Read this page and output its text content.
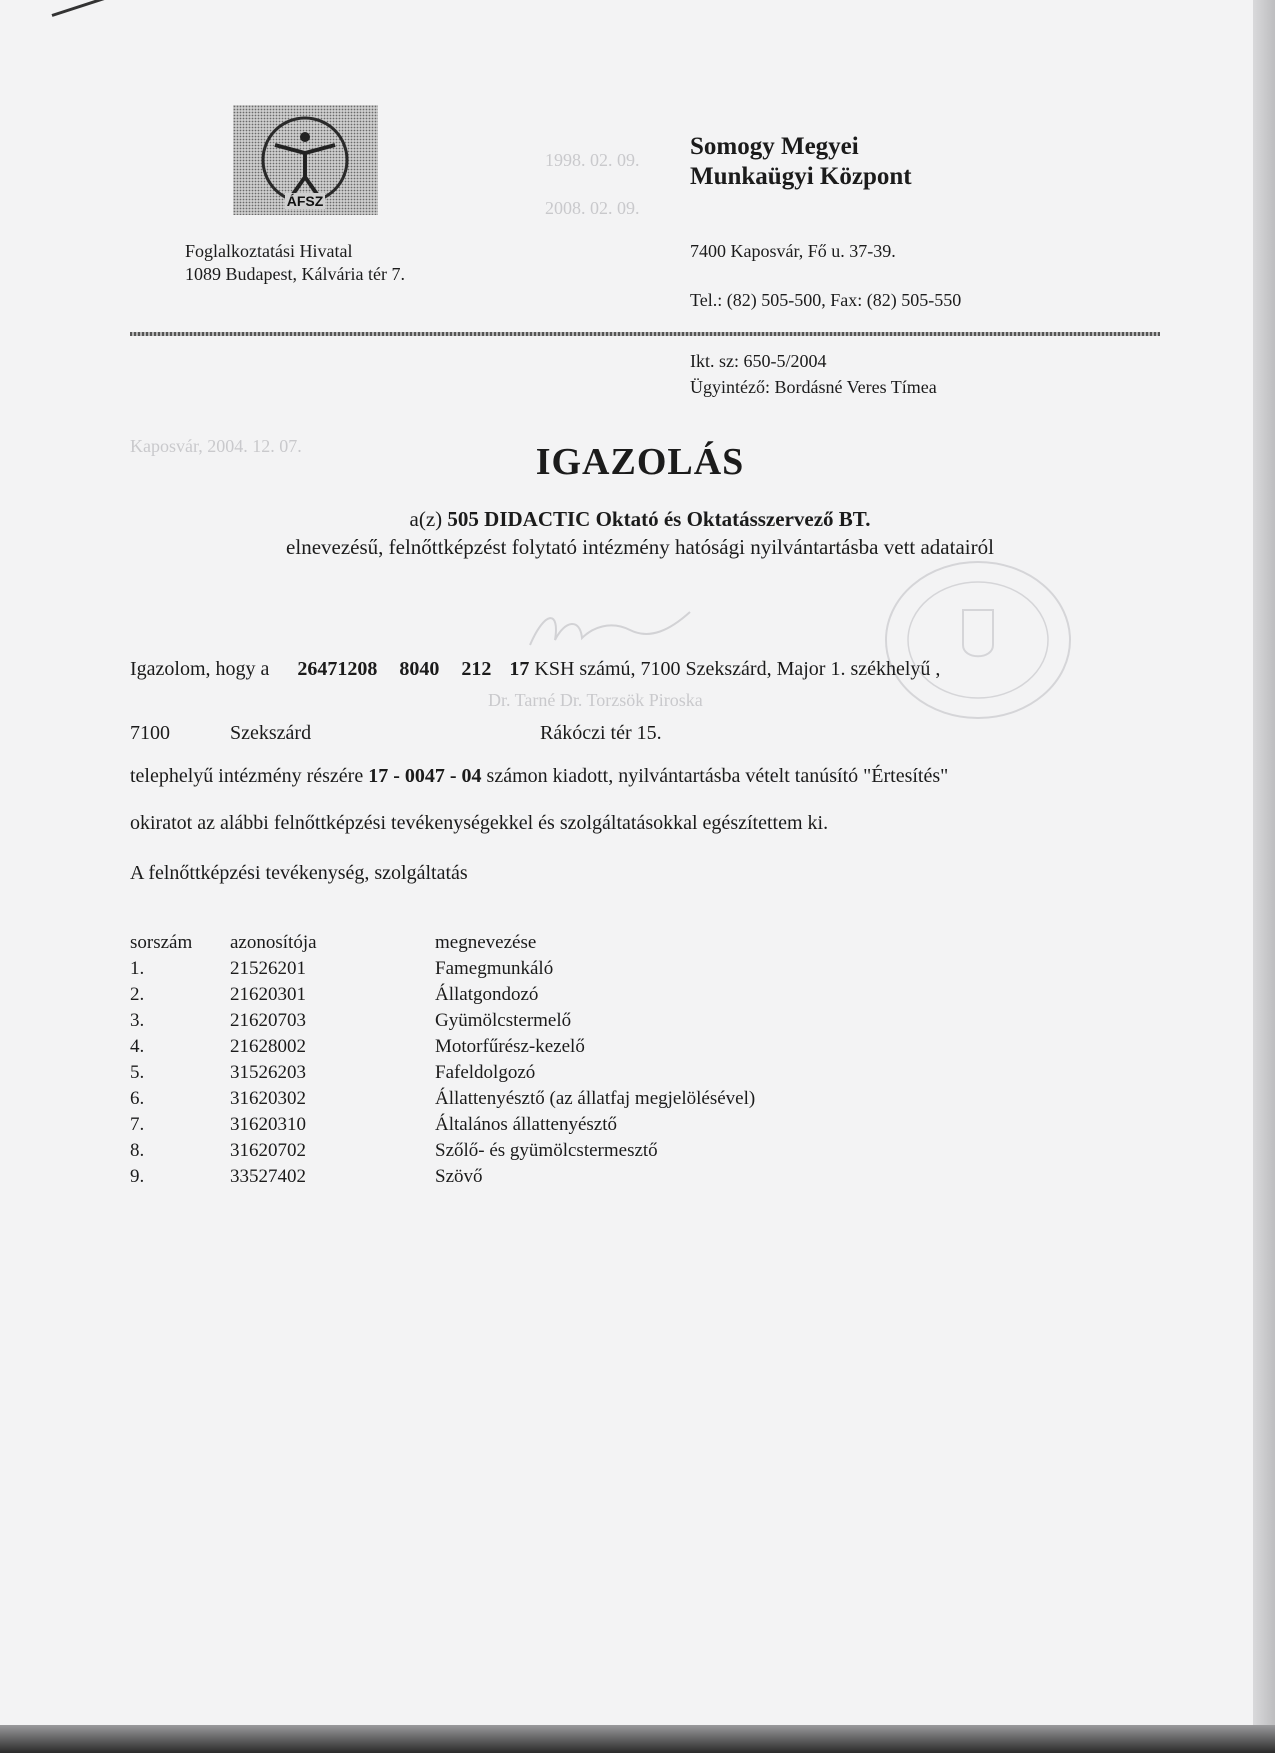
1998. 02. 09.
2008. 02. 09.
Kaposvár, 2004. 12. 07.
Dr. Tarné Dr. Torzsök Piroska
ÁFSZ
Somogy Megyei
Munkaügyi Központ
Foglalkoztatási Hivatal
1089 Budapest, Kálvária tér 7.
7400 Kaposvár, Fő u. 37-39.
Tel.: (82) 505-500, Fax: (82) 505-550
Ikt. sz: 650-5/2004
Ügyintéző: Bordásné Veres Tímea
IGAZOLÁS
a(z) 505 DIDACTIC Oktató és Oktatásszervező BT.
elnevezésű, felnőttképzést folytató intézmény hatósági nyilvántartásba vett adatairól
Igazolom, hogy a 26471208 8040 212 17 KSH számú, 7100 Szekszárd, Major 1. székhelyű ,
7100	Szekszárd	Rákóczi tér 15.
telephelyű intézmény részére 17 - 0047 - 04 számon kiadott, nyilvántartásba vételt tanúsító "Értesítés"
okiratot az alábbi felnőttképzési tevékenységekkel és szolgáltatásokkal egészítettem ki.
A felnőttképzési tevékenység, szolgáltatás
sorszám	azonosítója	megnevezése
1.	21526201	Famegmunkáló
2.	21620301	Állatgondozó
3.	21620703	Gyümölcstermelő
4.	21628002	Motorfűrész-kezelő
5.	31526203	Fafeldolgozó
6.	31620302	Állattenyésztő (az állatfaj megjelölésével)
7.	31620310	Általános állattenyésztő
8.	31620702	Szőlő- és gyümölcstermesztő
9.	33527402	Szövő
